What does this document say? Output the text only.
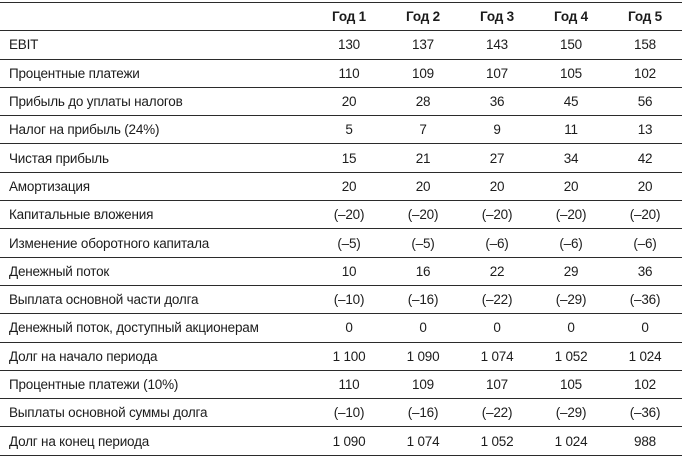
	Год 1	Год 2	Год 3	Год 4	Год 5
EBIT	130	137	143	150	158
Процентные платежи	110	109	107	105	102
Прибыль до уплаты налогов	20	28	36	45	56
Налог на прибыль (24%)	5	7	9	11	13
Чистая прибыль	15	21	27	34	42
Амортизация	20	20	20	20	20
Капитальные вложения	(–20)	(–20)	(–20)	(–20)	(–20)
Изменение оборотного капитала	(–5)	(–5)	(–6)	(–6)	(–6)
Денежный поток	10	16	22	29	36
Выплата основной части долга	(–10)	(–16)	(–22)	(–29)	(–36)
Денежный поток, доступный акционерам	0	0	0	0	0
Долг на начало периода	1 100	1 090	1 074	1 052	1 024
Процентные платежи (10%)	110	109	107	105	102
Выплаты основной суммы долга	(–10)	(–16)	(–22)	(–29)	(–36)
Долг на конец периода	1 090	1 074	1 052	1 024	988
